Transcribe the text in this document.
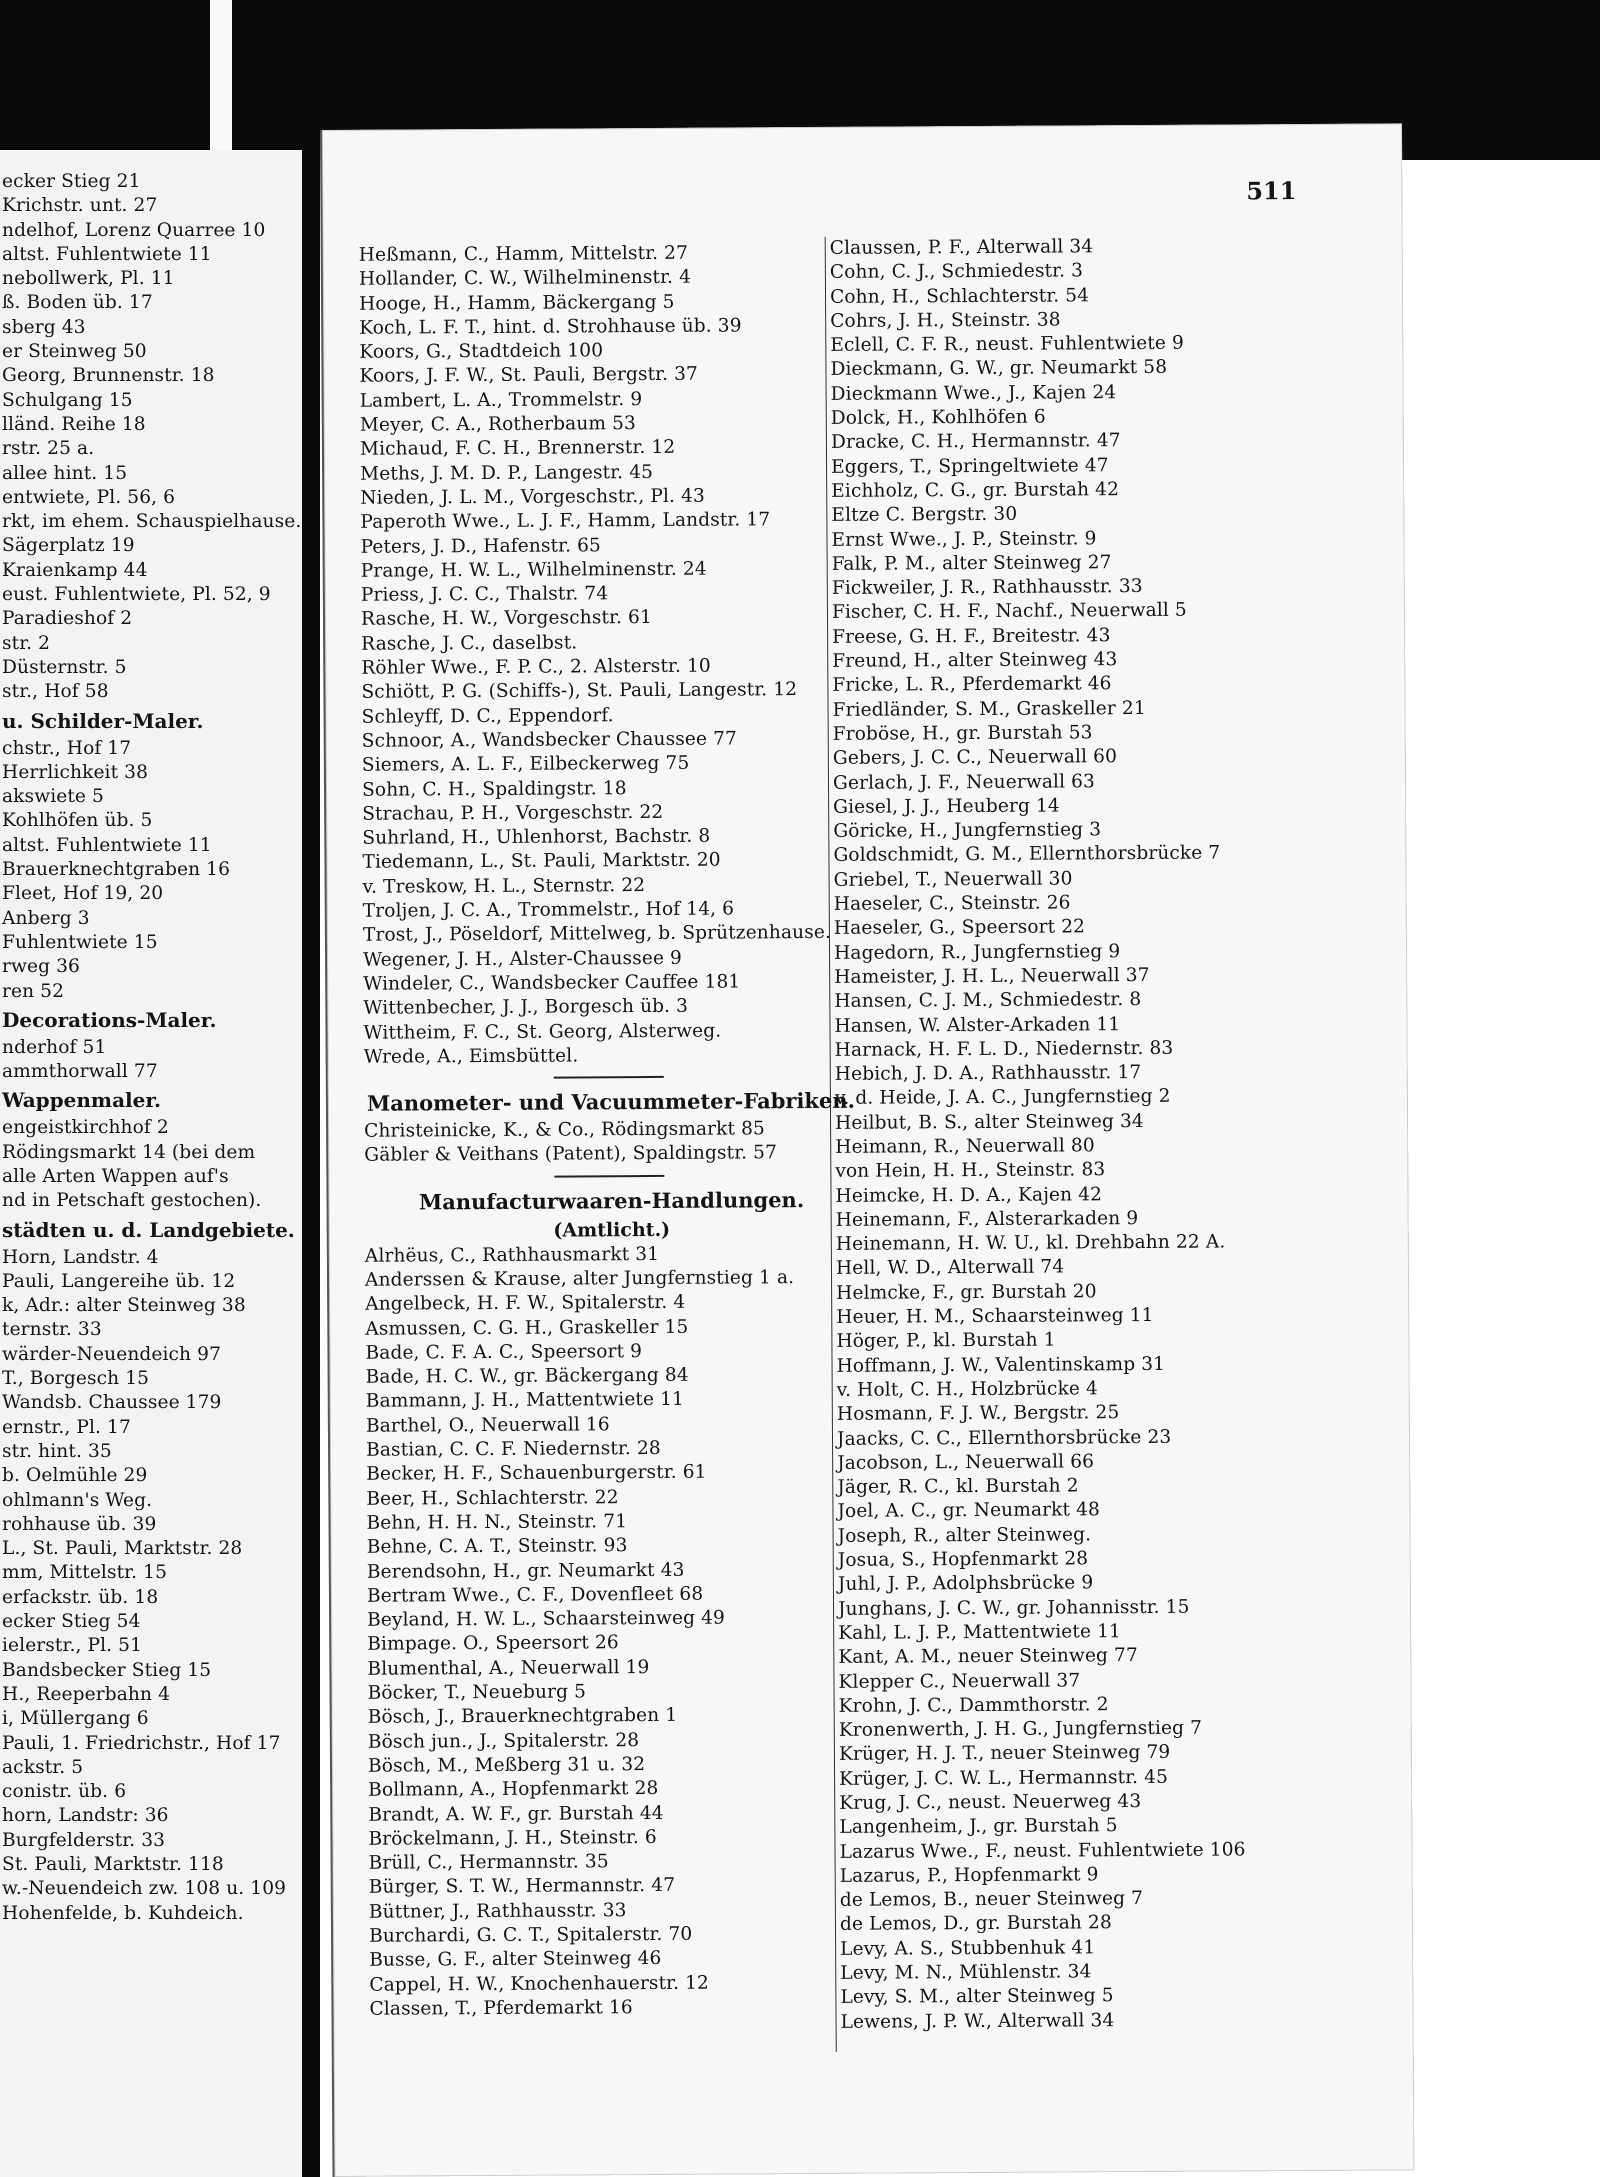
ecker Stieg 21
Krichstr. unt. 27
ndelhof, Lorenz Quarree 10
altst. Fuhlentwiete 11
nebollwerk, Pl. 11
ß. Boden üb. 17
sberg 43
er Steinweg 50
Georg, Brunnenstr. 18
Schulgang 15
lländ. Reihe 18
rstr. 25 a.
allee hint. 15
entwiete, Pl. 56, 6
rkt, im ehem. Schauspielhause.
Sägerplatz 19
Kraienkamp 44
eust. Fuhlentwiete, Pl. 52, 9
Paradieshof 2
str. 2
Düsternstr. 5
str., Hof 58
u. Schilder-Maler.
chstr., Hof 17
Herrlichkeit 38
akswiete 5
Kohlhöfen üb. 5
altst. Fuhlentwiete 11
Brauerknechtgraben 16
Fleet, Hof 19, 20
Anberg 3
Fuhlentwiete 15
rweg 36
ren 52
Decorations-Maler.
nderhof 51
ammthorwall 77
Wappenmaler.
engeistkirchhof 2
Rödingsmarkt 14 (bei dem
alle Arten Wappen auf's
nd in Petschaft gestochen).
städten u. d. Landgebiete.
Horn, Landstr. 4
Pauli, Langereihe üb. 12
k, Adr.: alter Steinweg 38
ternstr. 33
wärder-Neuendeich 97
T., Borgesch 15
Wandsb. Chaussee 179
ernstr., Pl. 17
str. hint. 35
b. Oelmühle 29
ohlmann's Weg.
rohhause üb. 39
L., St. Pauli, Marktstr. 28
mm, Mittelstr. 15
erfackstr. üb. 18
ecker Stieg 54
ielerstr., Pl. 51
Bandsbecker Stieg 15
H., Reeperbahn 4
i, Müllergang 6
Pauli, 1. Friedrichstr., Hof 17
ackstr. 5
conistr. üb. 6
horn, Landstr: 36
Burgfelderstr. 33
St. Pauli, Marktstr. 118
w.-Neuendeich zw. 108 u. 109
Hohenfelde, b. Kuhdeich.
511
Heßmann, C., Hamm, Mittelstr. 27
Hollander, C. W., Wilhelminenstr. 4
Hooge, H., Hamm, Bäckergang 5
Koch, L. F. T., hint. d. Strohhause üb. 39
Koors, G., Stadtdeich 100
Koors, J. F. W., St. Pauli, Bergstr. 37
Lambert, L. A., Trommelstr. 9
Meyer, C. A., Rotherbaum 53
Michaud, F. C. H., Brennerstr. 12
Meths, J. M. D. P., Langestr. 45
Nieden, J. L. M., Vorgeschstr., Pl. 43
Paperoth Wwe., L. J. F., Hamm, Landstr. 17
Peters, J. D., Hafenstr. 65
Prange, H. W. L., Wilhelminenstr. 24
Priess, J. C. C., Thalstr. 74
Rasche, H. W., Vorgeschstr. 61
Rasche, J. C., daselbst.
Röhler Wwe., F. P. C., 2. Alsterstr. 10
Schiött, P. G. (Schiffs-), St. Pauli, Langestr. 12
Schleyff, D. C., Eppendorf.
Schnoor, A., Wandsbecker Chaussee 77
Siemers, A. L. F., Eilbeckerweg 75
Sohn, C. H., Spaldingstr. 18
Strachau, P. H., Vorgeschstr. 22
Suhrland, H., Uhlenhorst, Bachstr. 8
Tiedemann, L., St. Pauli, Marktstr. 20
v. Treskow, H. L., Sternstr. 22
Troljen, J. C. A., Trommelstr., Hof 14, 6
Trost, J., Pöseldorf, Mittelweg, b. Sprützenhause.
Wegener, J. H., Alster-Chaussee 9
Windeler, C., Wandsbecker Cauffee 181
Wittenbecher, J. J., Borgesch üb. 3
Wittheim, F. C., St. Georg, Alsterweg.
Wrede, A., Eimsbüttel.
Manometer- und Vacuummeter-Fabriken.
Christeinicke, K., & Co., Rödingsmarkt 85
Gäbler & Veithans (Patent), Spaldingstr. 57
Manufacturwaaren-Handlungen.
(Amtlicht.)
Alrhëus, C., Rathhausmarkt 31
Anderssen & Krause, alter Jungfernstieg 1 a.
Angelbeck, H. F. W., Spitalerstr. 4
Asmussen, C. G. H., Graskeller 15
Bade, C. F. A. C., Speersort 9
Bade, H. C. W., gr. Bäckergang 84
Bammann, J. H., Mattentwiete 11
Barthel, O., Neuerwall 16
Bastian, C. C. F. Niedernstr. 28
Becker, H. F., Schauenburgerstr. 61
Beer, H., Schlachterstr. 22
Behn, H. H. N., Steinstr. 71
Behne, C. A. T., Steinstr. 93
Berendsohn, H., gr. Neumarkt 43
Bertram Wwe., C. F., Dovenfleet 68
Beyland, H. W. L., Schaarsteinweg 49
Bimpage. O., Speersort 26
Blumenthal, A., Neuerwall 19
Böcker, T., Neueburg 5
Bösch, J., Brauerknechtgraben 1
Bösch jun., J., Spitalerstr. 28
Bösch, M., Meßberg 31 u. 32
Bollmann, A., Hopfenmarkt 28
Brandt, A. W. F., gr. Burstah 44
Bröckelmann, J. H., Steinstr. 6
Brüll, C., Hermannstr. 35
Bürger, S. T. W., Hermannstr. 47
Büttner, J., Rathhausstr. 33
Burchardi, G. C. T., Spitalerstr. 70
Busse, G. F., alter Steinweg 46
Cappel, H. W., Knochenhauerstr. 12
Classen, T., Pferdemarkt 16
Claussen, P. F., Alterwall 34
Cohn, C. J., Schmiedestr. 3
Cohn, H., Schlachterstr. 54
Cohrs, J. H., Steinstr. 38
Eclell, C. F. R., neust. Fuhlentwiete 9
Dieckmann, G. W., gr. Neumarkt 58
Dieckmann Wwe., J., Kajen 24
Dolck, H., Kohlhöfen 6
Dracke, C. H., Hermannstr. 47
Eggers, T., Springeltwiete 47
Eichholz, C. G., gr. Burstah 42
Eltze C. Bergstr. 30
Ernst Wwe., J. P., Steinstr. 9
Falk, P. M., alter Steinweg 27
Fickweiler, J. R., Rathhausstr. 33
Fischer, C. H. F., Nachf., Neuerwall 5
Freese, G. H. F., Breitestr. 43
Freund, H., alter Steinweg 43
Fricke, L. R., Pferdemarkt 46
Friedländer, S. M., Graskeller 21
Froböse, H., gr. Burstah 53
Gebers, J. C. C., Neuerwall 60
Gerlach, J. F., Neuerwall 63
Giesel, J. J., Heuberg 14
Göricke, H., Jungfernstieg 3
Goldschmidt, G. M., Ellernthorsbrücke 7
Griebel, T., Neuerwall 30
Haeseler, C., Steinstr. 26
Haeseler, G., Speersort 22
Hagedorn, R., Jungfernstieg 9
Hameister, J. H. L., Neuerwall 37
Hansen, C. J. M., Schmiedestr. 8
Hansen, W. Alster-Arkaden 11
Harnack, H. F. L. D., Niedernstr. 83
Hebich, J. D. A., Rathhausstr. 17
v. d. Heide, J. A. C., Jungfernstieg 2
Heilbut, B. S., alter Steinweg 34
Heimann, R., Neuerwall 80
von Hein, H. H., Steinstr. 83
Heimcke, H. D. A., Kajen 42
Heinemann, F., Alsterarkaden 9
Heinemann, H. W. U., kl. Drehbahn 22 A.
Hell, W. D., Alterwall 74
Helmcke, F., gr. Burstah 20
Heuer, H. M., Schaarsteinweg 11
Höger, P., kl. Burstah 1
Hoffmann, J. W., Valentinskamp 31
v. Holt, C. H., Holzbrücke 4
Hosmann, F. J. W., Bergstr. 25
Jaacks, C. C., Ellernthorsbrücke 23
Jacobson, L., Neuerwall 66
Jäger, R. C., kl. Burstah 2
Joel, A. C., gr. Neumarkt 48
Joseph, R., alter Steinweg.
Josua, S., Hopfenmarkt 28
Juhl, J. P., Adolphsbrücke 9
Junghans, J. C. W., gr. Johannisstr. 15
Kahl, L. J. P., Mattentwiete 11
Kant, A. M., neuer Steinweg 77
Klepper C., Neuerwall 37
Krohn, J. C., Dammthorstr. 2
Kronenwerth, J. H. G., Jungfernstieg 7
Krüger, H. J. T., neuer Steinweg 79
Krüger, J. C. W. L., Hermannstr. 45
Krug, J. C., neust. Neuerweg 43
Langenheim, J., gr. Burstah 5
Lazarus Wwe., F., neust. Fuhlentwiete 106
Lazarus, P., Hopfenmarkt 9
de Lemos, B., neuer Steinweg 7
de Lemos, D., gr. Burstah 28
Levy, A. S., Stubbenhuk 41
Levy, M. N., Mühlenstr. 34
Levy, S. M., alter Steinweg 5
Lewens, J. P. W., Alterwall 34
